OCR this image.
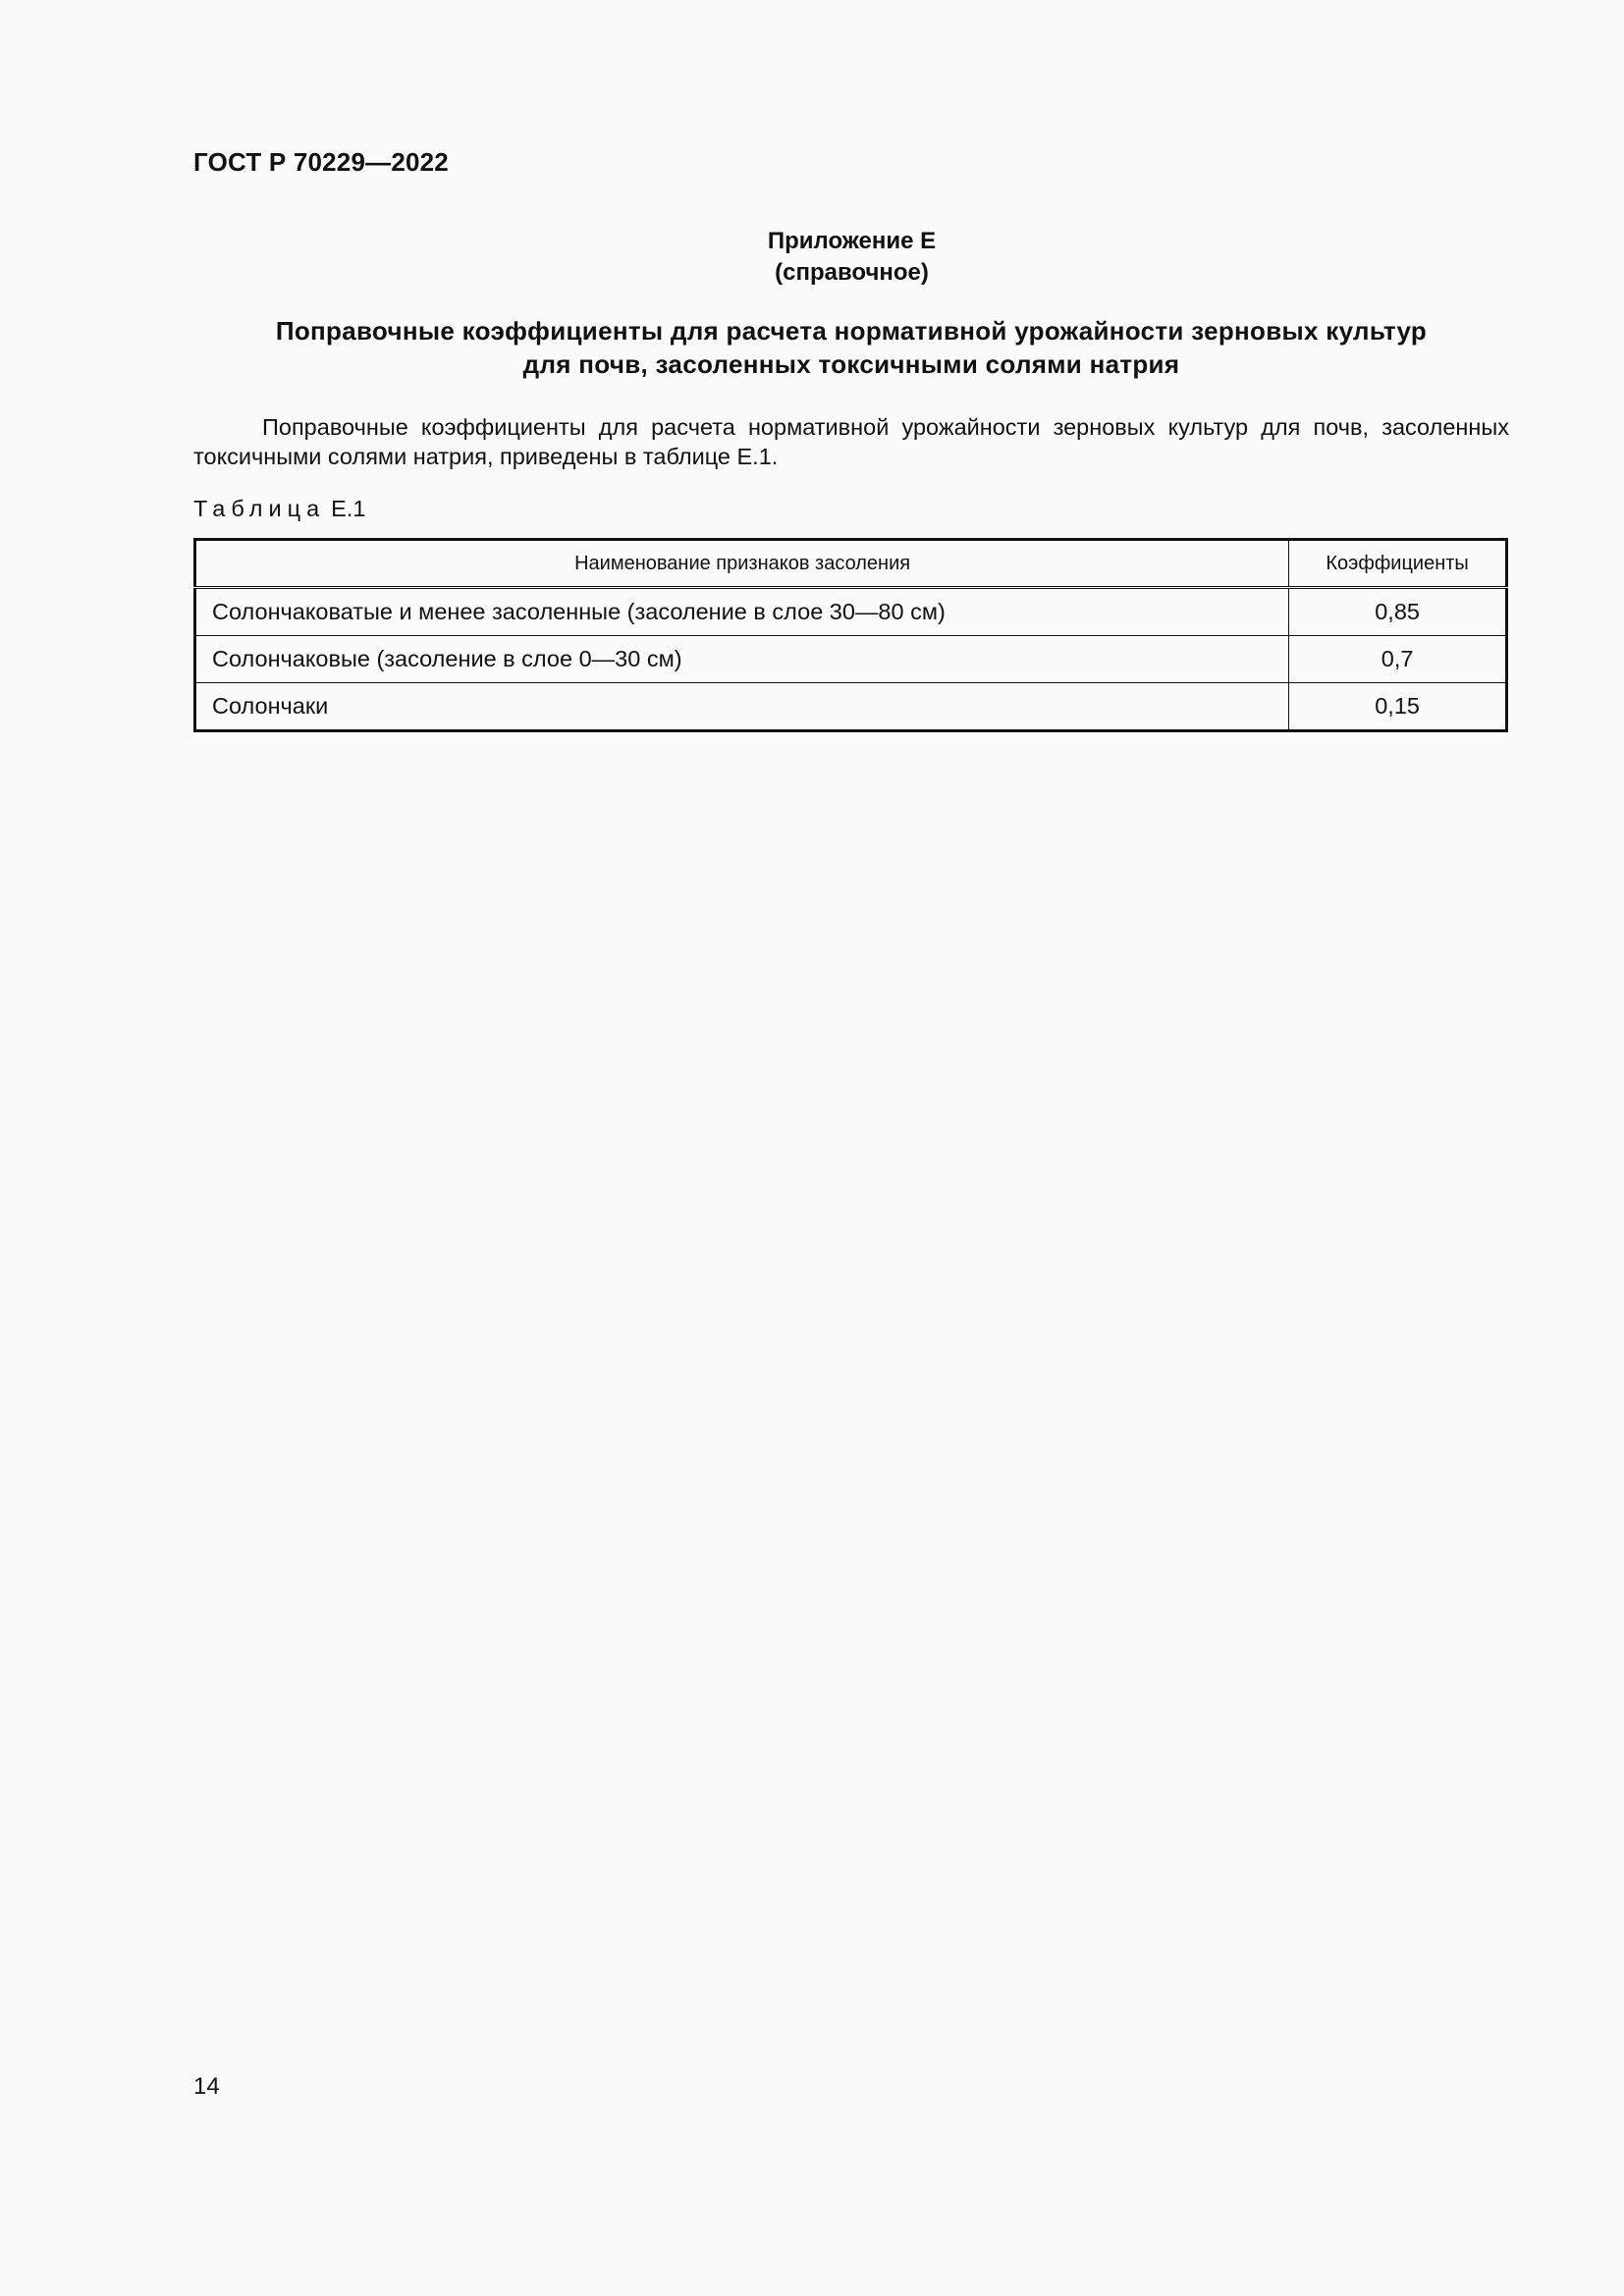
ГОСТ Р 70229—2022
Приложение Е
(справочное)
Поправочные коэффициенты для расчета нормативной урожайности зерновых культур
для почв, засоленных токсичными солями натрия

Поправочные коэффициенты для расчета нормативной урожайности зерновых культур для почв, засоленных токсичными солями натрия, приведены в таблице Е.1.

Таблица Е.1
Наименование признаков засоления	Коэффициенты
Солончаковатые и менее засоленные (засоление в слое 30—80 см)	0,85
Солончаковые (засоление в слое 0—30 см)	0,7
Солончаки	0,15
14
